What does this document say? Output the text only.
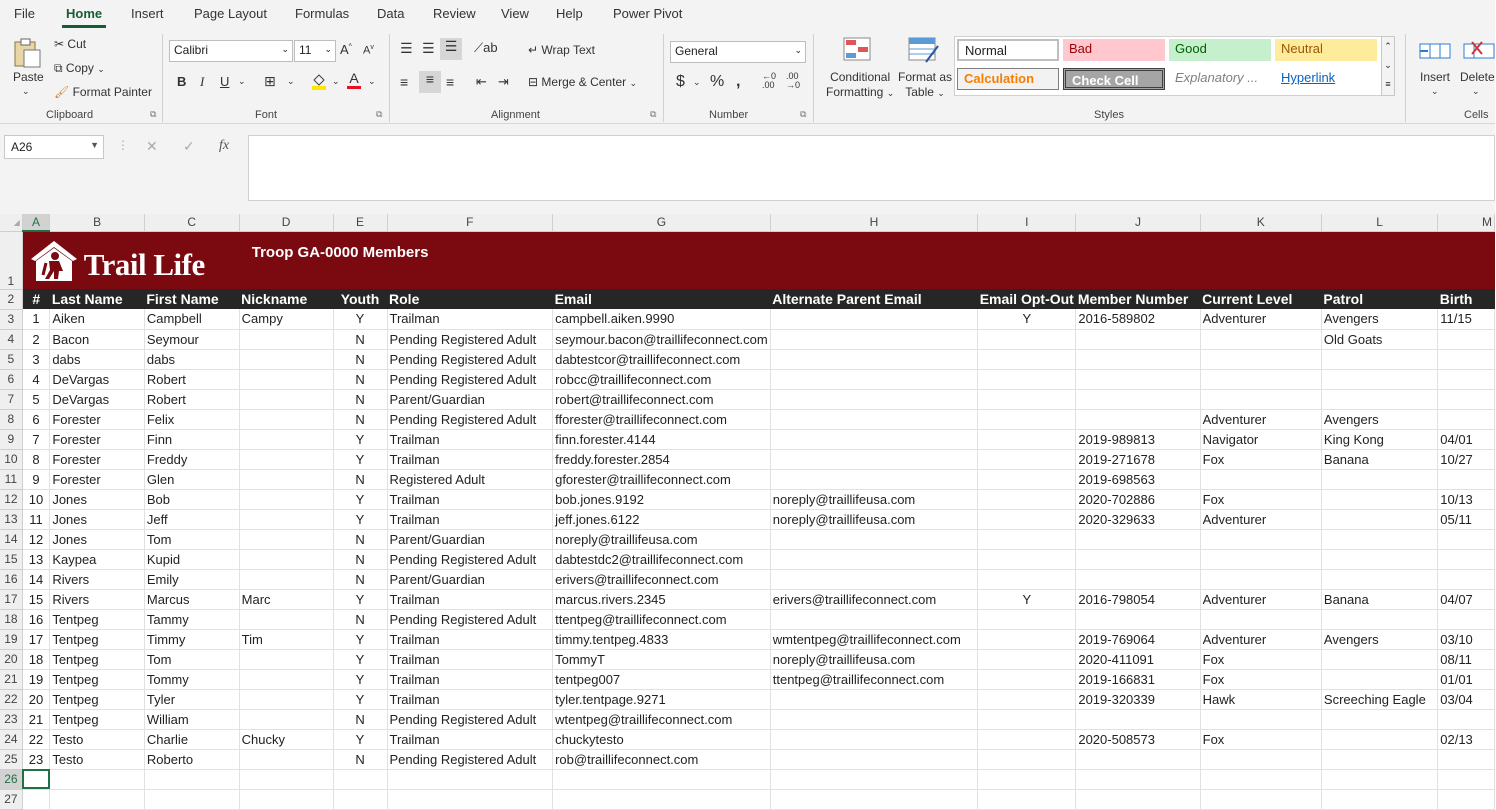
File Home Insert Page Layout Formulas Data Review View Help Power Pivot
Paste
⌄
✂ Cut
⧉ Copy ⌄
🖌 Format Painter
Clipboard	⧉
Calibri	⌄ 11 ⌄ A^ $A^v$
B I U ⌄ ⊞ ⌄	⌄ A ⌄
Font	⧉
☰ ☰ ☰	⟋ab	↵ Wrap Text
≡	≡ ≡ ⇤ ⇥ ⊟ Merge & Center ⌄
Alignment	⧉
General	⌄
$ ⌄ % , ←0
.00
.00
→0
Number	⧉
Conditional
Formatting ⌄
Format as
Table ⌄
Normal	Bad	Good	Neutral
Calculation	Check Cell	Explanatory ...	Hyperlink
⌃
⌄
≡
Styles
Insert
⌄
Delete
⌄
Cells
A26	▼ ⋮ ✕ ✓ fx
◢	A	B	C	D	E	F	G	H	I	J	K	L	M
1	Trail Life Troop GA-0000 Members												

2	#	Last Name	First Name	Nickname	Youth	Role	Email	Alternate Parent Email	Email Opt-Out	Member Number	Current Level	Patrol	Birth
3	1	Aiken	Campbell	Campy	Y	Trailman	campbell.aiken.9990		Y	2016-589802	Adventurer	Avengers	11/15
4	2	Bacon	Seymour		N	Pending Registered Adult	seymour.bacon@traillifeconnect.com					Old Goats	
5	3	dabs	dabs		N	Pending Registered Adult	dabtestcor@traillifeconnect.com						
6	4	DeVargas	Robert		N	Pending Registered Adult	robcc@traillifeconnect.com						
7	5	DeVargas	Robert		N	Parent/Guardian	robert@traillifeconnect.com						
8	6	Forester	Felix		N	Pending Registered Adult	fforester@traillifeconnect.com				Adventurer	Avengers	
9	7	Forester	Finn		Y	Trailman	finn.forester.4144			2019-989813	Navigator	King Kong	04/01
10	8	Forester	Freddy		Y	Trailman	freddy.forester.2854			2019-271678	Fox	Banana	10/27
11	9	Forester	Glen		N	Registered Adult	gforester@traillifeconnect.com			2019-698563			
12	10	Jones	Bob		Y	Trailman	bob.jones.9192	noreply@traillifeusa.com		2020-702886	Fox		10/13
13	11	Jones	Jeff		Y	Trailman	jeff.jones.6122	noreply@traillifeusa.com		2020-329633	Adventurer		05/11
14	12	Jones	Tom		N	Parent/Guardian	noreply@traillifeusa.com						
15	13	Kaypea	Kupid		N	Pending Registered Adult	dabtestdc2@traillifeconnect.com						
16	14	Rivers	Emily		N	Parent/Guardian	erivers@traillifeconnect.com						
17	15	Rivers	Marcus	Marc	Y	Trailman	marcus.rivers.2345	erivers@traillifeconnect.com	Y	2016-798054	Adventurer	Banana	04/07
18	16	Tentpeg	Tammy		N	Pending Registered Adult	ttentpeg@traillifeconnect.com						
19	17	Tentpeg	Timmy	Tim	Y	Trailman	timmy.tentpeg.4833	wmtentpeg@traillifeconnect.com		2019-769064	Adventurer	Avengers	03/10
20	18	Tentpeg	Tom		Y	Trailman	TommyT	noreply@traillifeusa.com		2020-411091	Fox		08/11
21	19	Tentpeg	Tommy		Y	Trailman	tentpeg007	ttentpeg@traillifeconnect.com		2019-166831	Fox		01/01
22	20	Tentpeg	Tyler		Y	Trailman	tyler.tentpage.9271			2019-320339	Hawk	Screeching Eagle	03/04
23	21	Tentpeg	William		N	Pending Registered Adult	wtentpeg@traillifeconnect.com						
24	22	Testo	Charlie	Chucky	Y	Trailman	chuckytesto			2020-508573	Fox		02/13
25	23	Testo	Roberto		N	Pending Registered Adult	rob@traillifeconnect.com						
26													
27													
